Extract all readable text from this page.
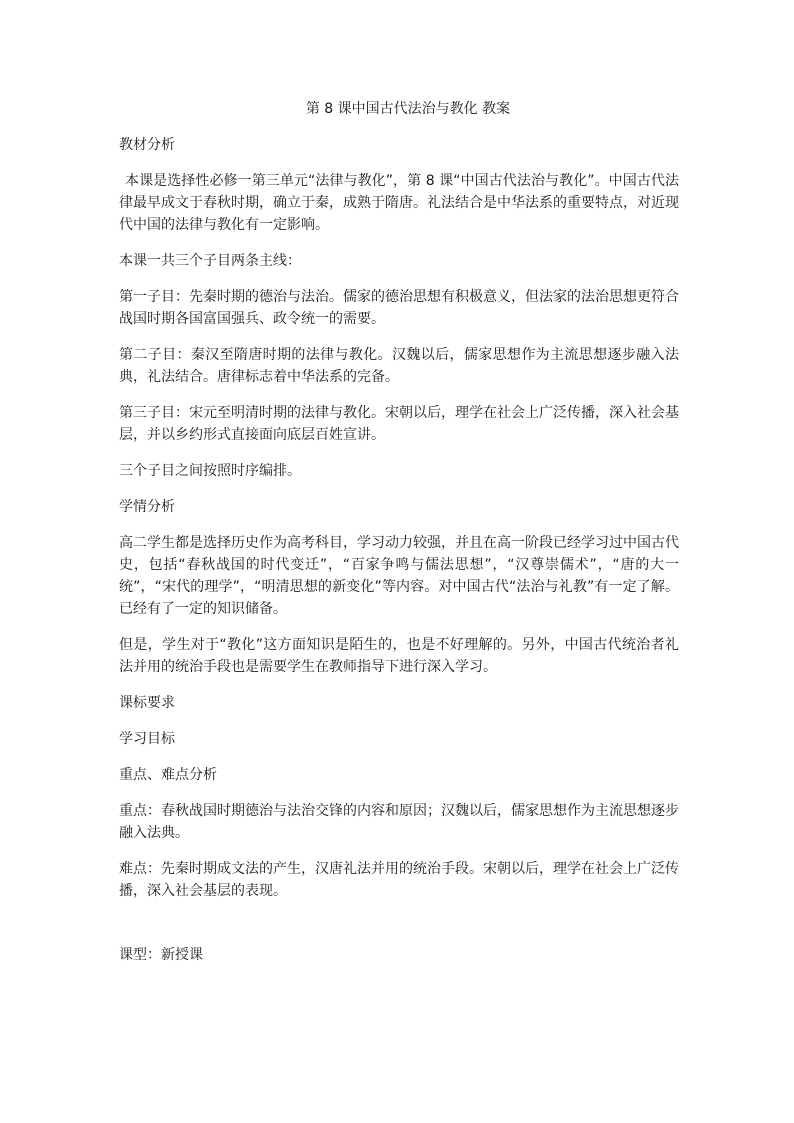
第 8 课中国古代法治与教化 教案
教材分析
本课是选择性必修一第三单元“法律与教化”，第 8 课“中国古代法治与教化”。中国古代法律最早成文于春秋时期，确立于秦，成熟于隋唐。礼法结合是中华法系的重要特点，对近现代中国的法律与教化有一定影响。
本课一共三个子目两条主线：
第一子目：先秦时期的德治与法治。儒家的德治思想有积极意义，但法家的法治思想更符合战国时期各国富国强兵、政令统一的需要。
第二子目：秦汉至隋唐时期的法律与教化。汉魏以后，儒家思想作为主流思想逐步融入法典，礼法结合。唐律标志着中华法系的完备。
第三子目：宋元至明清时期的法律与教化。宋朝以后，理学在社会上广泛传播，深入社会基层，并以乡约形式直接面向底层百姓宣讲。
三个子目之间按照时序编排。
学情分析
高二学生都是选择历史作为高考科目，学习动力较强，并且在高一阶段已经学习过中国古代史，包括“春秋战国的时代变迁”，“百家争鸣与儒法思想”，“汉尊崇儒术”，“唐的大一统”，“宋代的理学”，“明清思想的新变化”等内容。对中国古代“法治与礼教”有一定了解。已经有了一定的知识储备。
但是，学生对于“教化”这方面知识是陌生的，也是不好理解的。另外，中国古代统治者礼法并用的统治手段也是需要学生在教师指导下进行深入学习。
课标要求
学习目标
重点、难点分析
重点：春秋战国时期德治与法治交锋的内容和原因；汉魏以后，儒家思想作为主流思想逐步融入法典。
难点：先秦时期成文法的产生，汉唐礼法并用的统治手段。宋朝以后，理学在社会上广泛传播，深入社会基层的表现。
课型：新授课
